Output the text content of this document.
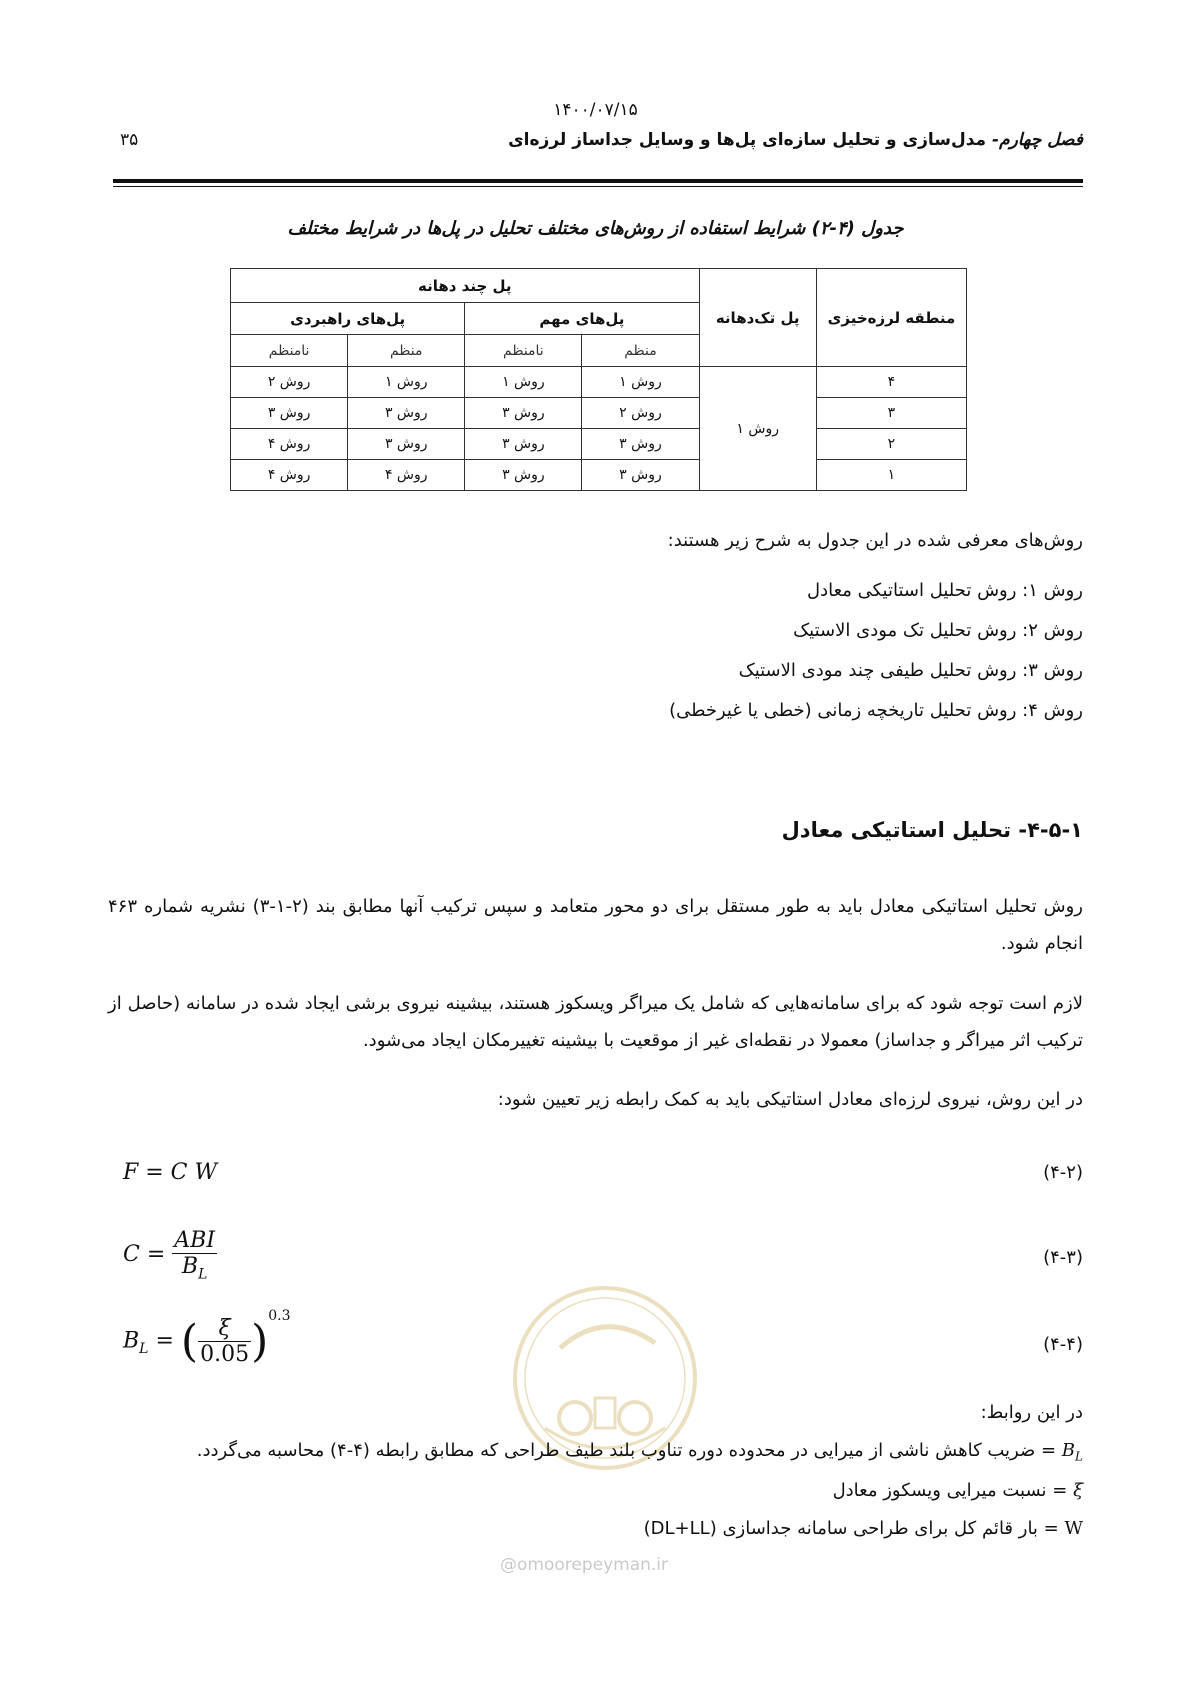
۱۴۰۰/۰۷/۱۵
فصل چهارم- مدل‌سازی و تحلیل سازه‌ای پل‌ها و وسایل جداساز لرزه‌ای
۳۵
جدول (۴-۲) شرایط استفاده از روش‌های مختلف تحلیل در پل‌ها در شرایط مختلف
منطقه لرزه‌خیزی	پل تک‌دهانه	پل چند دهانه			
		پل‌های مهم		پل‌های راهبردی	
		منظم	نامنظم	منظم	نامنظم
۴	روش ۱	روش ۱	روش ۱	روش ۱	روش ۲
۳		روش ۲	روش ۳	روش ۳	روش ۳
۲		روش ۳	روش ۳	روش ۳	روش ۴
۱		روش ۳	روش ۳	روش ۴	روش ۴
روش‌های معرفی شده در این جدول به شرح زیر هستند:
روش ۱: روش تحلیل استاتیکی معادل
روش ۲: روش تحلیل تک مودی الاستیک
روش ۳: روش تحلیل طیفی چند مودی الاستیک
روش ۴: روش تحلیل تاریخچه زمانی (خطی یا غیرخطی)
۴-۵-۱- تحلیل استاتیکی معادل
روش تحلیل استاتیکی معادل باید به طور مستقل برای دو محور متعامد و سپس ترکیب آنها مطابق بند (۲-۱-۳) نشریه شماره ۴۶۳ انجام شود.
لازم است توجه شود که برای سامانه‌هایی که شامل یک میراگر ویسکوز هستند، بیشینه نیروی برشی ایجاد شده در سامانه (حاصل از ترکیب اثر میراگر و جداساز) معمولا در نقطه‌ای غیر از موقعیت با بیشینه تغییرمکان ایجاد می‌شود.
در این روش، نیروی لرزه‌ای معادل استاتیکی باید به کمک رابطه زیر تعیین شود:
F = C W	(۴-۲)
$C = \frac{\text{ABI}}{B_L}$	(۴-۳)
$B_L$ = ( $\frac{\xi}{0.05} )^{0.3}$
(۴-۴)
@omoorepeyman.ir
در این روابط:
$B_L$ = ضریب کاهش ناشی از میرایی در محدوده دوره تناوب بلند طیف طراحی که مطابق رابطه (۴-۴) محاسبه می‌گردد.
ξ = نسبت میرایی ویسکوز معادل
W = بار قائم کل برای طراحی سامانه جداسازی (DL+LL)
